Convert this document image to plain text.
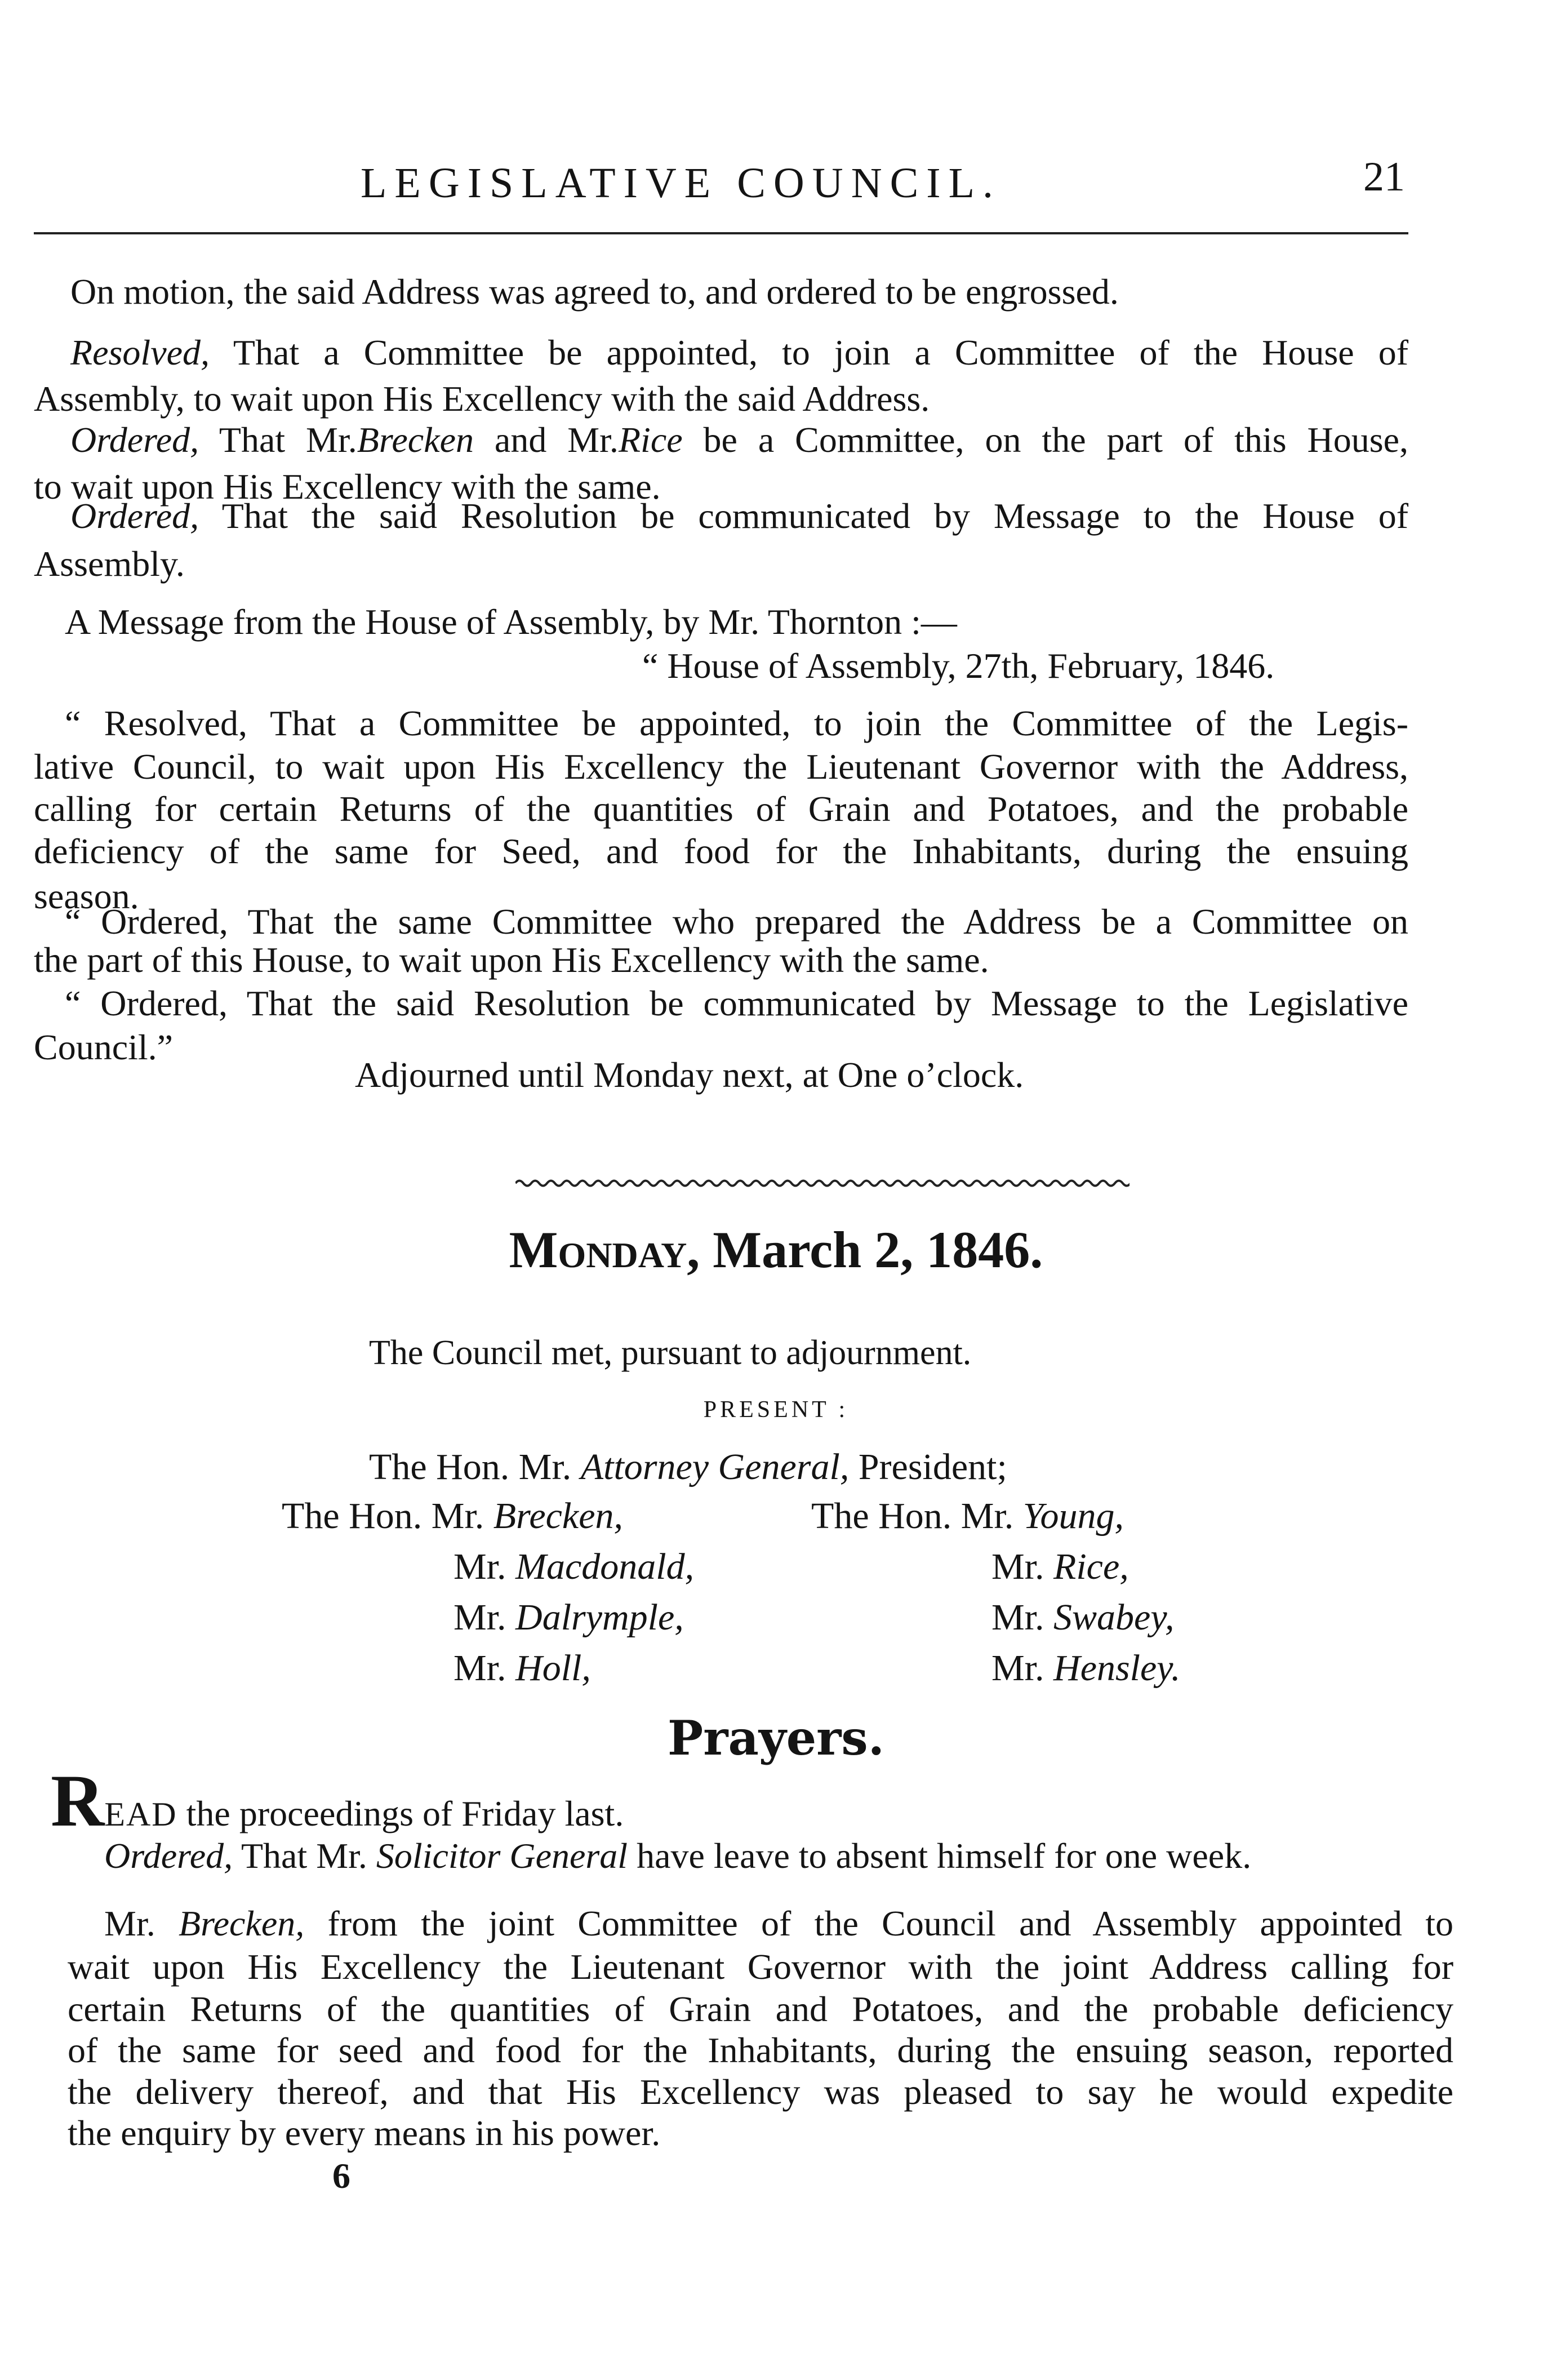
LEGISLATIVE COUNCIL.	21
On motion, the said Address was agreed to, and ordered to be engrossed.
Resolved, That a Committee be appointed, to join a Committee of the House of
Assembly, to wait upon His Excellency with the said Address.
Ordered, That Mr.Brecken and Mr.Rice be a Committee, on the part of this House,
to wait upon His Excellency with the same.
Ordered, That the said Resolution be communicated by Message to the House of
Assembly.
A Message from the House of Assembly, by Mr. Thornton :—
“ House of Assembly, 27th, February, 1846.
“ Resolved, That a Committee be appointed, to join the Committee of the Legis-
lative Council, to wait upon His Excellency the Lieutenant Governor with the Address,
calling for certain Returns of the quantities of Grain and Potatoes, and the probable
deficiency of the same for Seed, and food for the Inhabitants, during the ensuing
season.
“ Ordered, That the same Committee who prepared the Address be a Committee on
the part of this House, to wait upon His Excellency with the same.
“ Ordered, That the said Resolution be communicated by Message to the Legislative
Council.”
Adjourned until Monday next, at One o’clock.
Monday, March 2, 1846.
The Council met, pursuant to adjournment.
PRESENT :
The Hon. Mr. Attorney General, President;
The Hon. Mr. Brecken,	The Hon. Mr. Young,
Mr. Macdonald,	Mr. Rice,
Mr. Dalrymple,	Mr. Swabey,
Mr. Holl,	Mr. Hensley.
Prayers.
READ the proceedings of Friday last.
Ordered, That Mr. Solicitor General have leave to absent himself for one week.
Mr. Brecken, from the joint Committee of the Council and Assembly appointed to
wait upon His Excellency the Lieutenant Governor with the joint Address calling for
certain Returns of the quantities of Grain and Potatoes, and the probable deficiency
of the same for seed and food for the Inhabitants, during the ensuing season, reported
the delivery thereof, and that His Excellency was pleased to say he would expedite
the enquiry by every means in his power.
6
